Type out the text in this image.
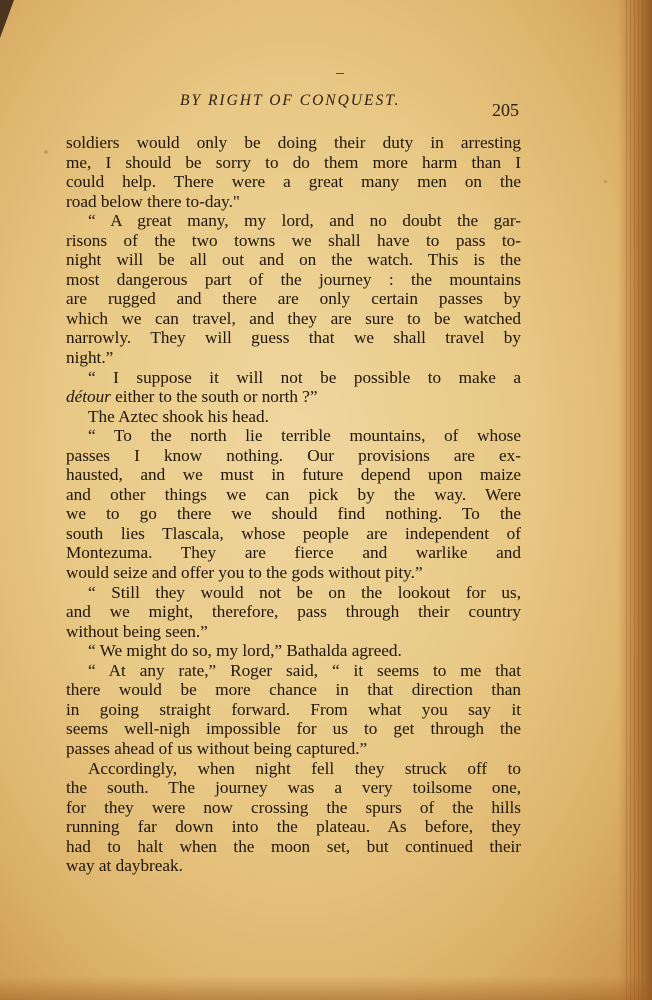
BY RIGHT OF CONQUEST.	205
soldiers would only be doing their duty in arresting
me, I should be sorry to do them more harm than I
could help. There were a great many men on the
road below there to-day."
“ A great many, my lord, and no doubt the gar-
risons of the two towns we shall have to pass to-
night will be all out and on the watch. This is the
most dangerous part of the journey : the mountains
are rugged and there are only certain passes by
which we can travel, and they are sure to be watched
narrowly. They will guess that we shall travel by
night.”
“ I suppose it will not be possible to make a
détour either to the south or north ?”
The Aztec shook his head.
“ To the north lie terrible mountains, of whose
passes I know nothing. Our provisions are ex-
hausted, and we must in future depend upon maize
and other things we can pick by the way. Were
we to go there we should find nothing. To the
south lies Tlascala, whose people are independent of
Montezuma. They are fierce and warlike and
would seize and offer you to the gods without pity.”
“ Still they would not be on the lookout for us,
and we might, therefore, pass through their country
without being seen.”
“ We might do so, my lord,” Bathalda agreed.
“ At any rate,” Roger said, “ it seems to me that
there would be more chance in that direction than
in going straight forward. From what you say it
seems well-nigh impossible for us to get through the
passes ahead of us without being captured.”
Accordingly, when night fell they struck off to
the south. The journey was a very toilsome one,
for they were now crossing the spurs of the hills
running far down into the plateau. As before, they
had to halt when the moon set, but continued their
way at daybreak.
